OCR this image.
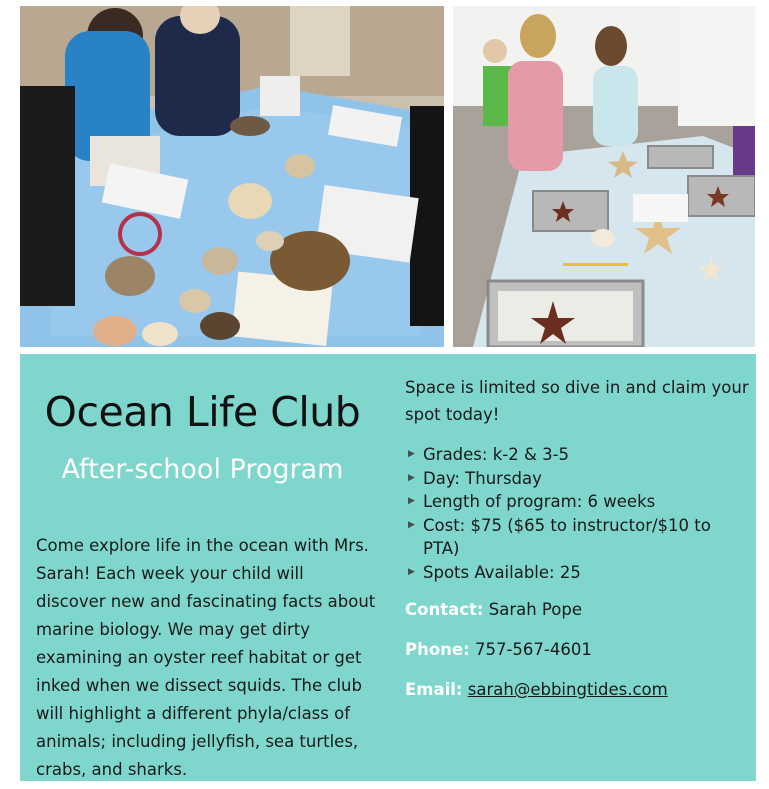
Ocean Life Club
After-school Program

Come explore life in the ocean with Mrs. Sarah! Each week your child will discover new and fascinating facts about marine biology. We may get dirty examining an oyster reef habitat or get inked when we dissect squids. The club will highlight a different phyla/class of animals; including jellyfish, sea turtles, crabs, and sharks.

Space is limited so dive in and claim your spot today!

▶ Grades: k-2 & 3-5
▶ Day: Thursday
▶ Length of program: 6 weeks
▶ Cost: $75 ($65 to instructor/$10 to PTA)
▶ Spots Available: 25
Contact: Sarah Pope
Phone: 757-567-4601
Email: sarah@ebbingtides.com
